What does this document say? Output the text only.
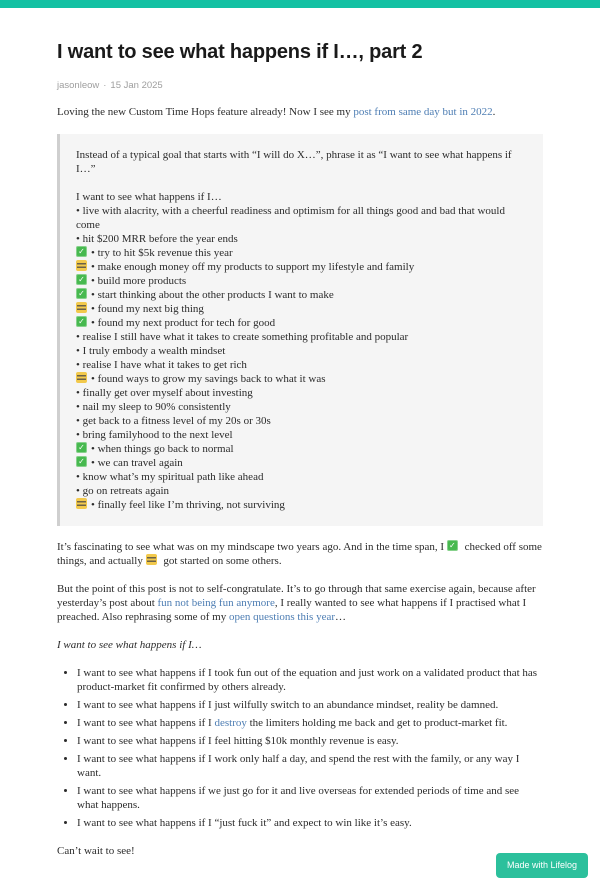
I want to see what happens if I…, part 2
jasonleow · 15 Jan 2025

Loving the new Custom Time Hops feature already! Now I see my post from same day but in 2022.

Instead of a typical goal that starts with “I will do X…”, phrase it as “I want to see what happens if I…”
I want to see what happens if I…
• live with alacrity, with a cheerful readiness and optimism for all things good and bad that would come
• hit $200 MRR before the year ends
✓ • try to hit $5k revenue this year
• make enough money off my products to support my lifestyle and family
✓ • build more products
✓ • start thinking about the other products I want to make
• found my next big thing
✓ • found my next product for tech for good
• realise I still have what it takes to create something profitable and popular
• I truly embody a wealth mindset
• realise I have what it takes to get rich
• found ways to grow my savings back to what it was
• finally get over myself about investing
• nail my sleep to 90% consistently
• get back to a fitness level of my 20s or 30s
• bring familyhood to the next level
✓ • when things go back to normal
✓ • we can travel again
• know what’s my spiritual path like ahead
• go on retreats again
• finally feel like I’m thriving, not surviving

It’s fascinating to see what was on my mindscape two years ago. And in the time span, I ✓ checked off some things, and actually  got started on some others.

But the point of this post is not to self-congratulate. It’s to go through that same exercise again, because after yesterday’s post about fun not being fun anymore, I really wanted to see what happens if I practised what I preached. Also rephrasing some of my open questions this year…

I want to see what happens if I…

• I want to see what happens if I took fun out of the equation and just work on a validated product that has product-market fit confirmed by others already.
• I want to see what happens if I just wilfully switch to an abundance mindset, reality be damned.
• I want to see what happens if I destroy the limiters holding me back and get to product-market fit.
• I want to see what happens if I feel hitting $10k monthly revenue is easy.
• I want to see what happens if I work only half a day, and spend the rest with the family, or any way I want.
• I want to see what happens if we just go for it and live overseas for extended periods of time and see what happens.
• I want to see what happens if I “just fuck it” and expect to win like it’s easy.

Can’t wait to see!

Made with Lifelog
